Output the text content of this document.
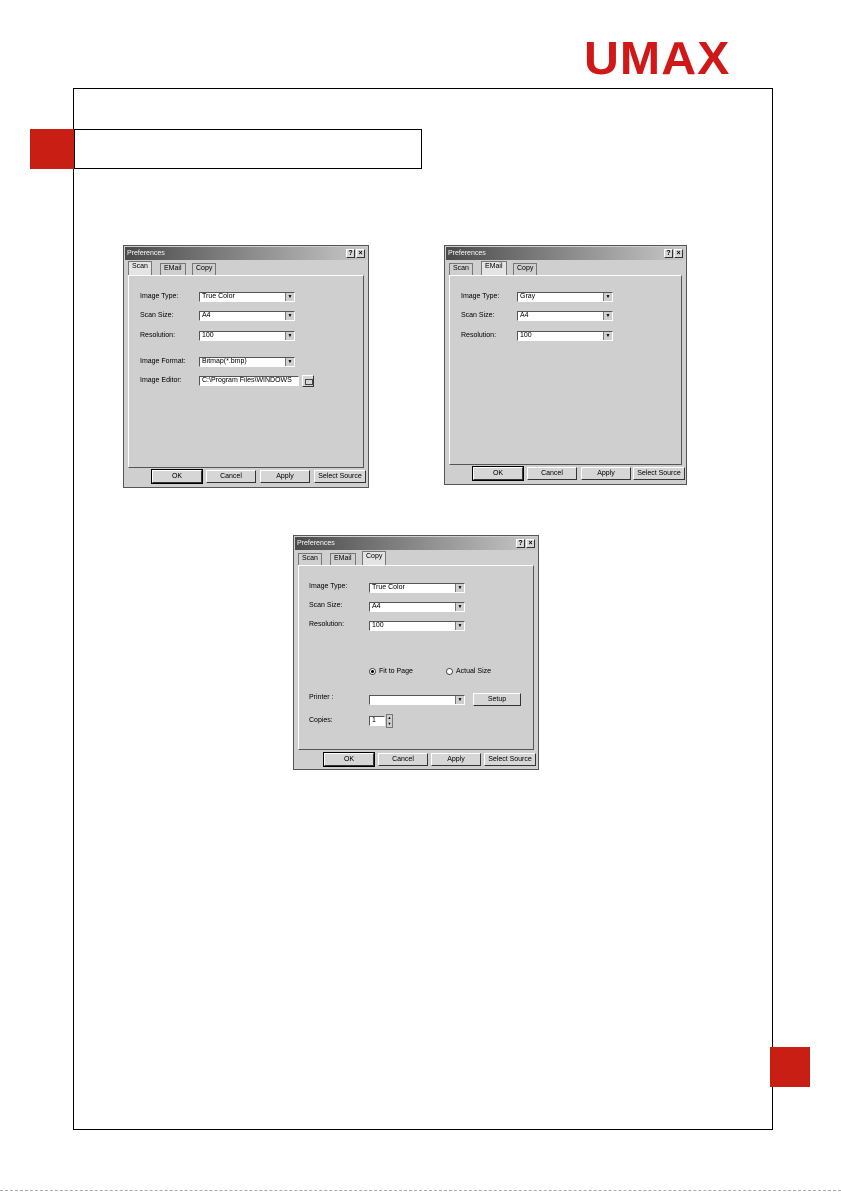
UMAX
Preferences	? ×
Scan	EMail	Copy
Image Type:	True Color	▼
Scan Size:	A4	▼
Resolution:	100	▼
Image Format:	Bitmap(*.bmp)	▼
Image Editor:	C:\Program Files\WINDOWS
OK	Cancel	Apply	Select Source
Preferences	? ×
Scan	EMail	Copy
Image Type:	Gray	▼
Scan Size:	A4	▼
Resolution:	100	▼
OK	Cancel	Apply	Select Source
Preferences	? ×
Scan	EMail	Copy
Image Type:	True Color	▼
Scan Size:	A4	▼
Resolution:	100	▼
Fit to Page	Actual Size
Printer :	▼	Setup
Copies:	1	▲
▼
OK	Cancel	Apply	Select Source
